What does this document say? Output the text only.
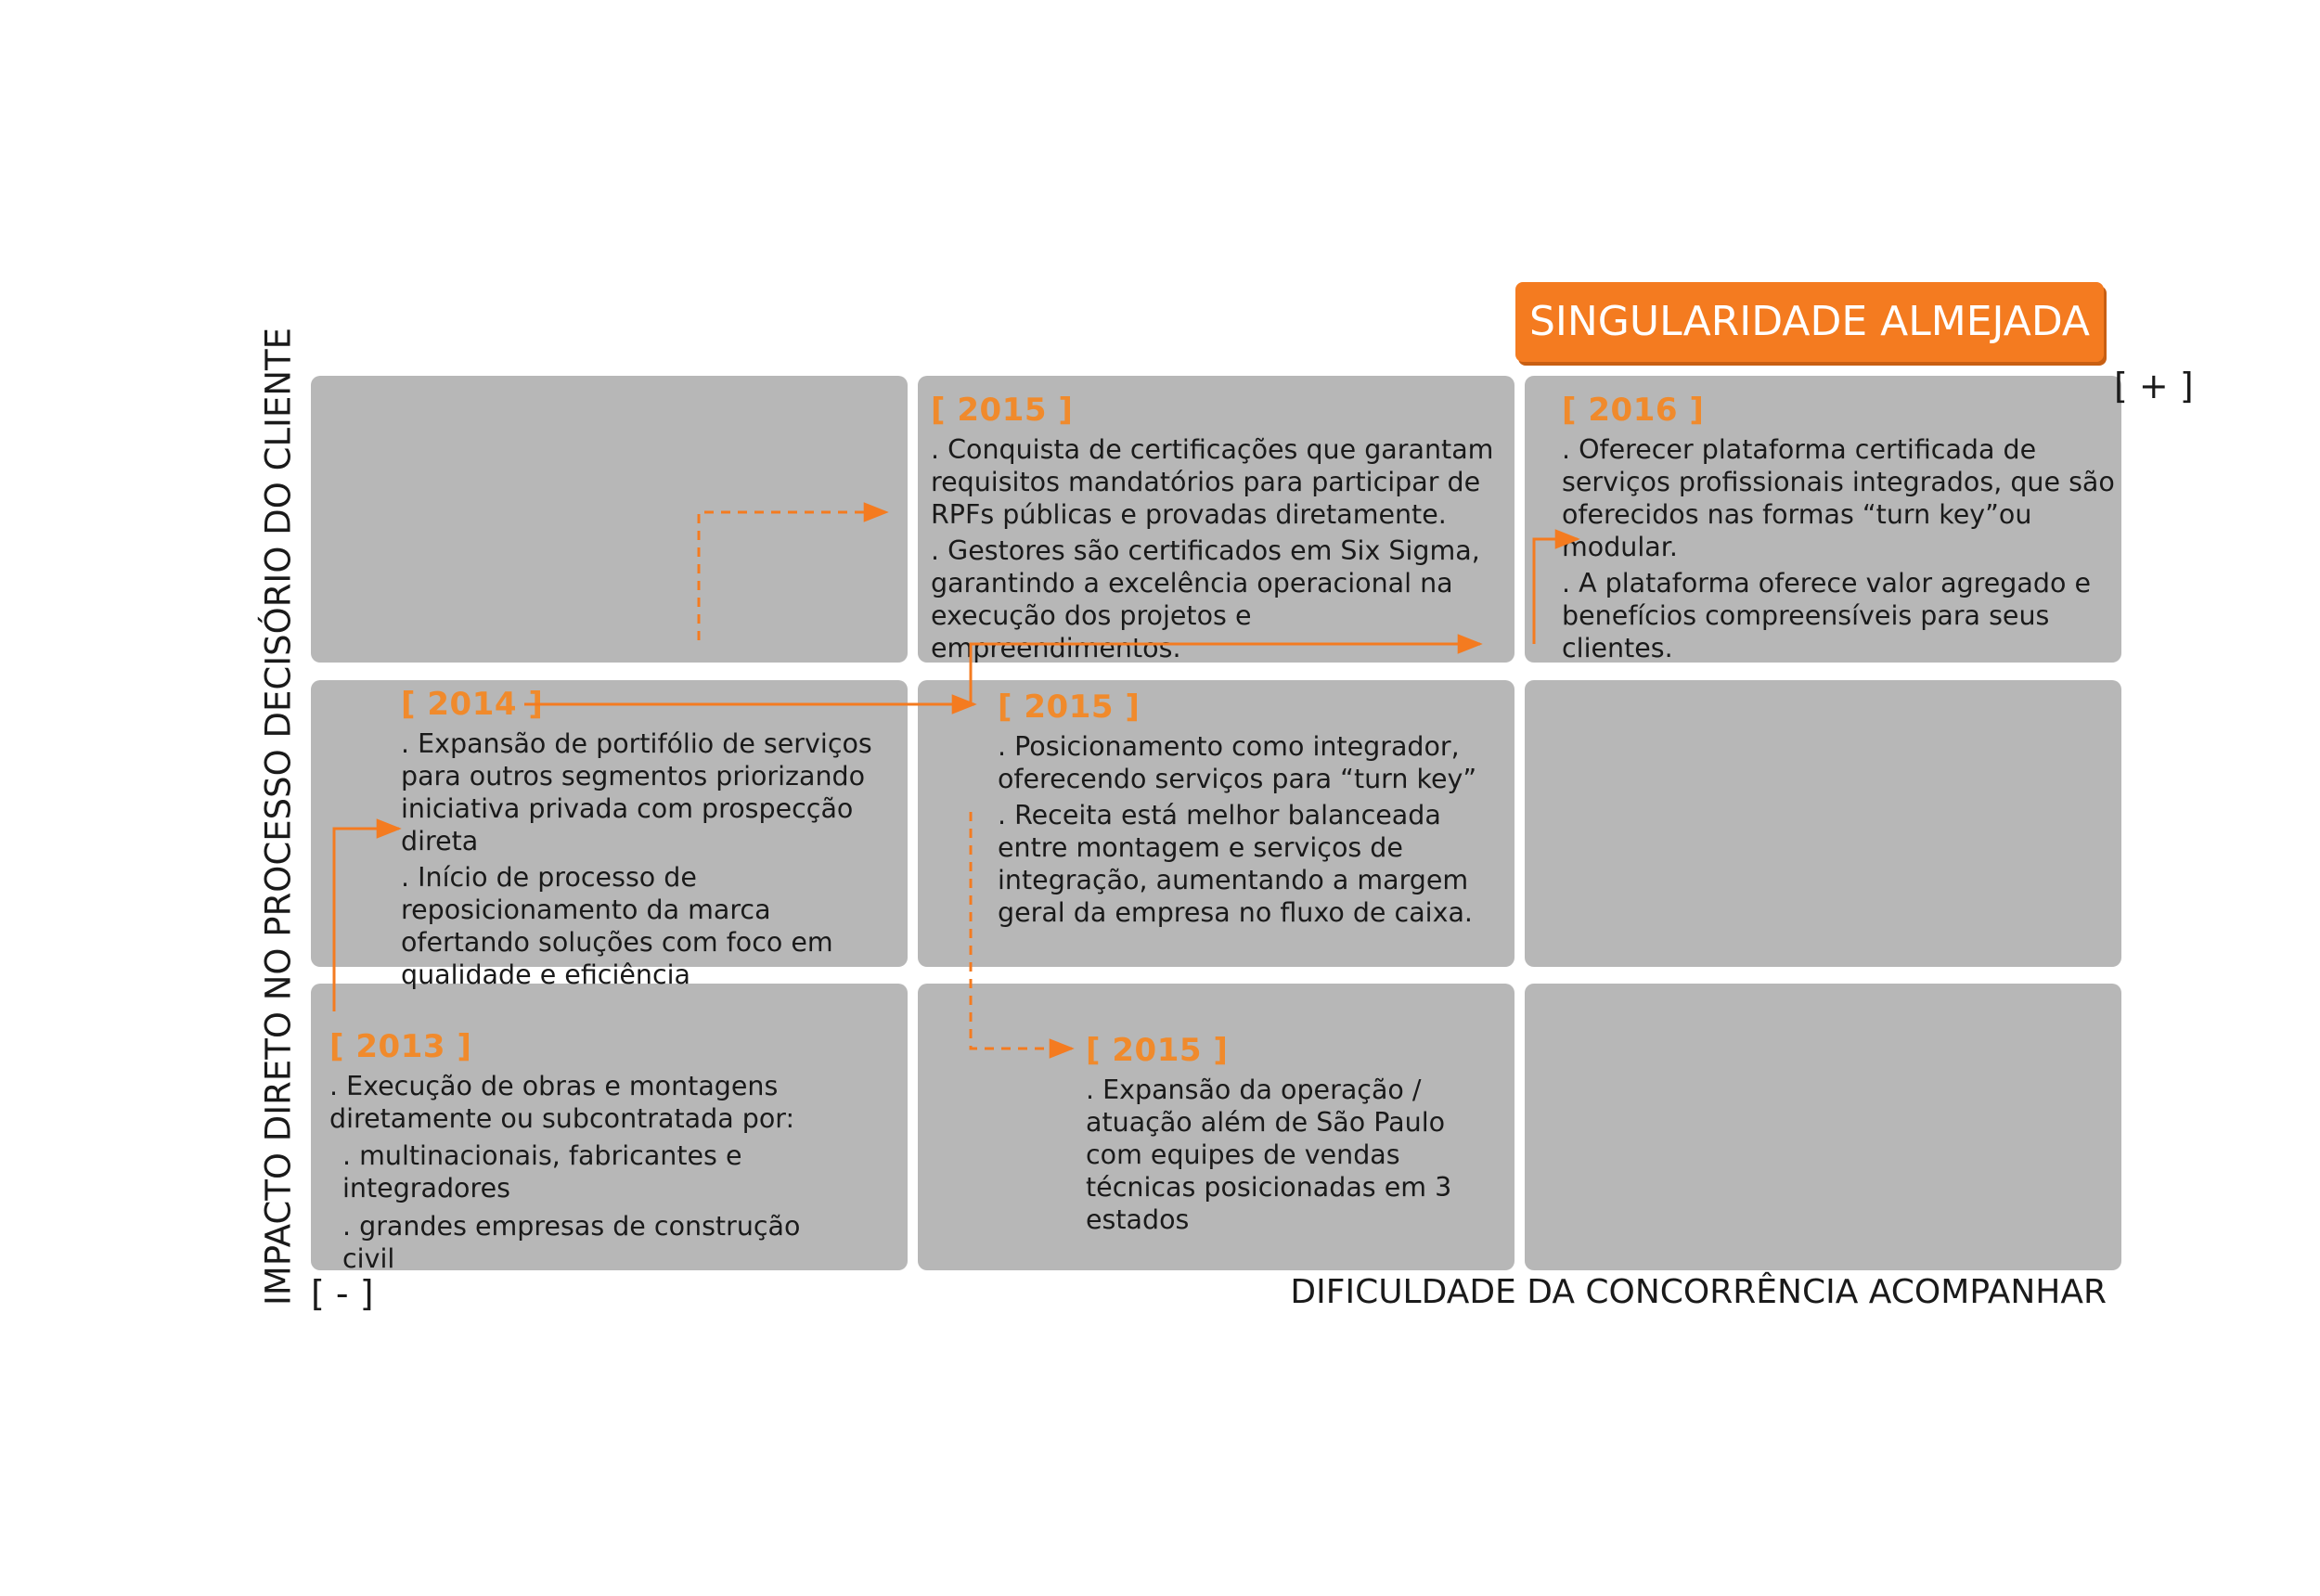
SINGULARIDADE ALMEJADA
IMPACTO DIRETO NO PROCESSO DECISÓRIO DO CLIENTE	DIFICULDADE DA CONCORRÊNCIA ACOMPANHAR
[ + ]
[ - ]
[ 2015 ]

. Conquista de certificações que garantam requisitos mandatórios para participar de RPFs públicas e provadas diretamente.

. Gestores são certificados em Six Sigma, garantindo a excelência operacional na execução dos projetos e empreendimentos.

[ 2016 ]

. Oferecer plataforma certificada de serviços profissionais integrados, que são oferecidos nas formas “turn key”ou modular.

. A plataforma oferece valor agregado e benefícios compreensíveis para seus clientes.

[ 2014 ]

. Expansão de portifólio de serviços para outros segmentos priorizando iniciativa privada com prospecção direta

. Início de processo de reposicionamento da marca ofertando soluções com foco em qualidade e eficiência

[ 2015 ]

. Posicionamento como integrador, oferecendo serviços para “turn key”

. Receita está melhor balanceada entre montagem e serviços de integração, aumentando a margem geral da empresa no fluxo de caixa.

[ 2013 ]

. Execução de obras e montagens diretamente ou subcontratada por:

. multinacionais, fabricantes e integradores

. grandes empresas de construção civil

[ 2015 ]

. Expansão da operação / atuação além de São Paulo com equipes de vendas técnicas posicionadas em 3 estados
